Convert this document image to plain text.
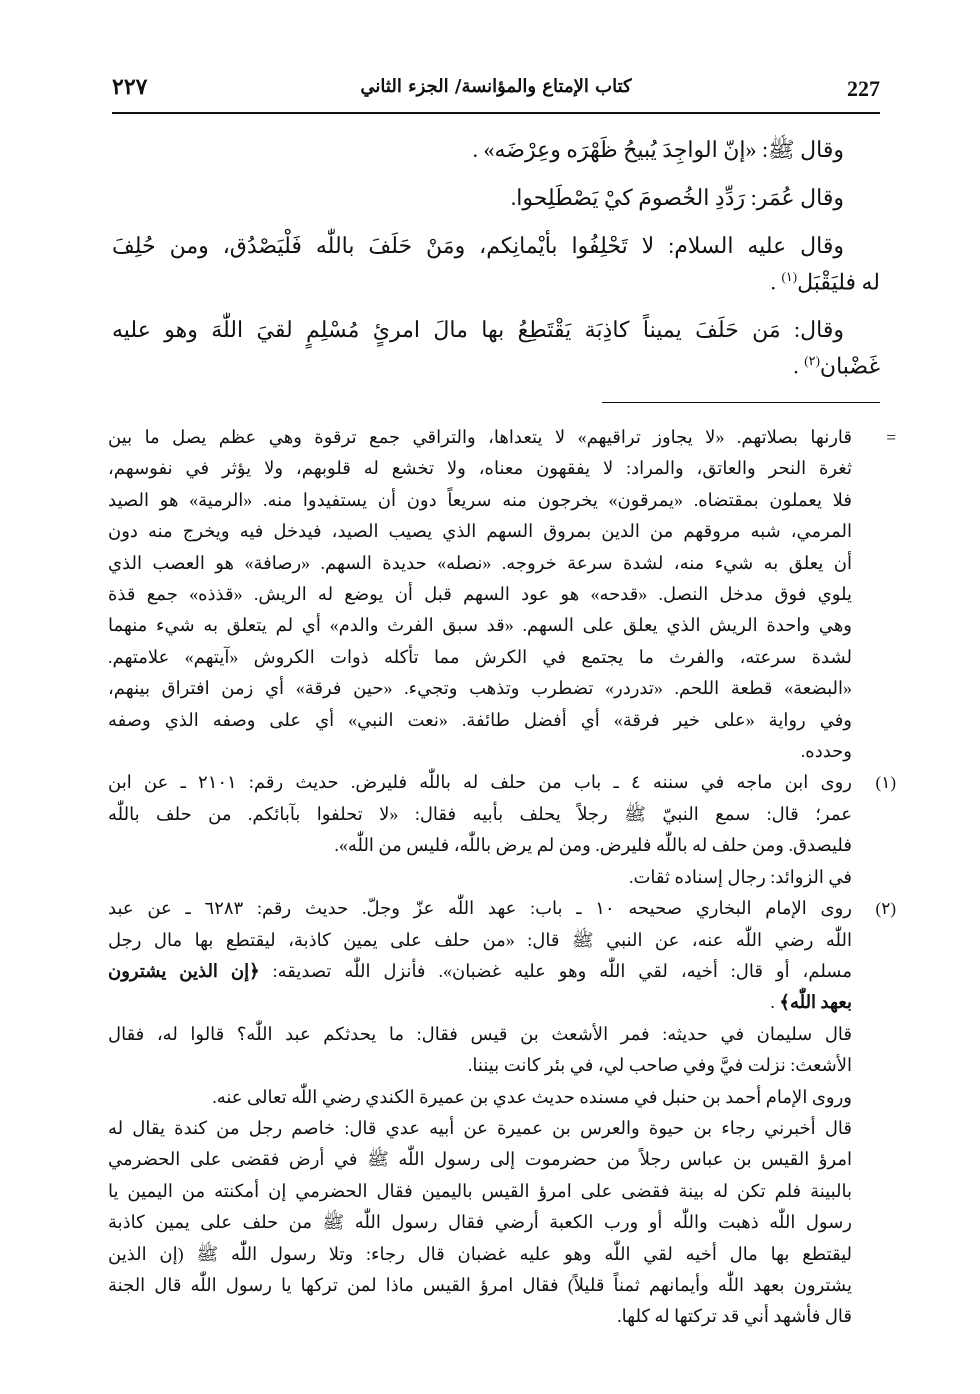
227
كتاب الإمتاع والمؤانسة/ الجزء الثاني
٢٢٧
وقال ﷺ: «إنّ الواجِدَ يُبيحُ ظَهْرَه وعِرْضَه» .
وقال عُمَر: رَدِّدِ الخُصومَ كيْ يَصْطَلِحوا.
وقال عليه السلام: لا تَحْلِفُوا بأيْمانِكم، ومَنْ حَلَفَ باللّٰه فَلْيَصْدُق، ومن حُلِفَ
له فليَقْبَل$^{(١)}$ .
وقال: مَن حَلَفَ يميناً كاذِبَة يَقْتَطِعُ بها مالَ امرئٍ مُسْلِمٍ لقيَ اللّٰهَ وهو عليه
غَضْبان$^{(٢)}$ .
=
قارنها بصلاتهم. «لا يجاوز تراقيهم» لا يتعداها، والتراقي جمع ترقوة وهي عظم يصل ما بين
ثغرة النحر والعاتق، والمراد: لا يفقهون معناه، ولا تخشع له قلوبهم، ولا يؤثر في نفوسهم،
فلا يعملون بمقتضاه. «يمرقون» يخرجون منه سريعاً دون أن يستفيدوا منه. «الرمية» هو الصيد
المرمي، شبه مروقهم من الدين بمروق السهم الذي يصيب الصيد، فيدخل فيه ويخرج منه دون
أن يعلق به شيء منه، لشدة سرعة خروجه. «نصله» حديدة السهم. «رصافة» هو العصب الذي
يلوي فوق مدخل النصل. «قدحه» هو عود السهم قبل أن يوضع له الريش. «قذذه» جمع قذة
وهي واحدة الريش الذي يعلق على السهم. «قد سبق الفرث والدم» أي لم يتعلق به شيء منهما
لشدة سرعته، والفرث ما يجتمع في الكرش مما تأكله ذوات الكروش «آيتهم» علامتهم.
«البضعة» قطعة اللحم. «تدردر» تضطرب وتذهب وتجيء. «حين فرقة» أي زمن افتراق بينهم،
وفي رواية «على خير فرقة» أي أفضل طائفة. «نعت النبي» أي على وصفه الذي وصفه
وحدده.
(١)
روى ابن ماجه في سننه ٤ ـ باب من حلف له باللّٰه فليرض. حديث رقم: ٢١٠١ ـ عن ابن
عمر؛ قال: سمع النبيّ ﷺ رجلاً يحلف بأبيه فقال: «لا تحلفوا بآبائكم. من حلف باللّٰه
فليصدق. ومن حلف له باللّٰه فليرض. ومن لم يرض باللّٰه، فليس من اللّٰه».
في الزوائد: رجال إسناده ثقات.
(٢)
روى الإمام البخاري صحيحه ١٠ ـ باب: عهد اللّٰه عزّ وجلّ. حديث رقم: ٦٢٨٣ ـ عن عبد
اللّٰه رضي اللّٰه عنه، عن النبي ﷺ قال: «من حلف على يمين كاذبة، ليقتطع بها مال رجل
مسلم، أو قال: أخيه، لقي اللّٰه وهو عليه غضبان». فأنزل اللّٰه تصديقه: ﴿إن الذين يشترون
بعهد اللّٰه﴾ .
قال سليمان في حديثه: فمر الأشعث بن قيس فقال: ما يحدثكم عبد اللّٰه؟ قالوا له، فقال
الأشعث: نزلت فيَّ وفي صاحب لي، في بئر كانت بيننا.
وروى الإمام أحمد بن حنبل في مسنده حديث عدي بن عميرة الكندي رضي اللّٰه تعالى عنه.
قال أخبرني رجاء بن حيوة والعرس بن عميرة عن أبيه عدي قال: خاصم رجل من كندة يقال له
امرؤ القيس بن عباس رجلاً من حضرموت إلى رسول اللّٰه ﷺ في أرض فقضى على الحضرمي
بالبينة فلم تكن له بينة فقضى على امرؤ القيس باليمين فقال الحضرمي إن أمكنته من اليمين يا
رسول اللّٰه ذهبت واللّٰه أو ورب الكعبة أرضي فقال رسول اللّٰه ﷺ من حلف على يمين كاذبة
ليقتطع بها مال أخيه لقي اللّٰه وهو عليه غضبان قال رجاء: وتلا رسول اللّٰه ﷺ (إن الذين
يشترون بعهد اللّٰه وأيمانهم ثمناً قليلاً) فقال امرؤ القيس ماذا لمن تركها يا رسول اللّٰه قال الجنة
قال فأشهد أني قد تركتها له كلها.
